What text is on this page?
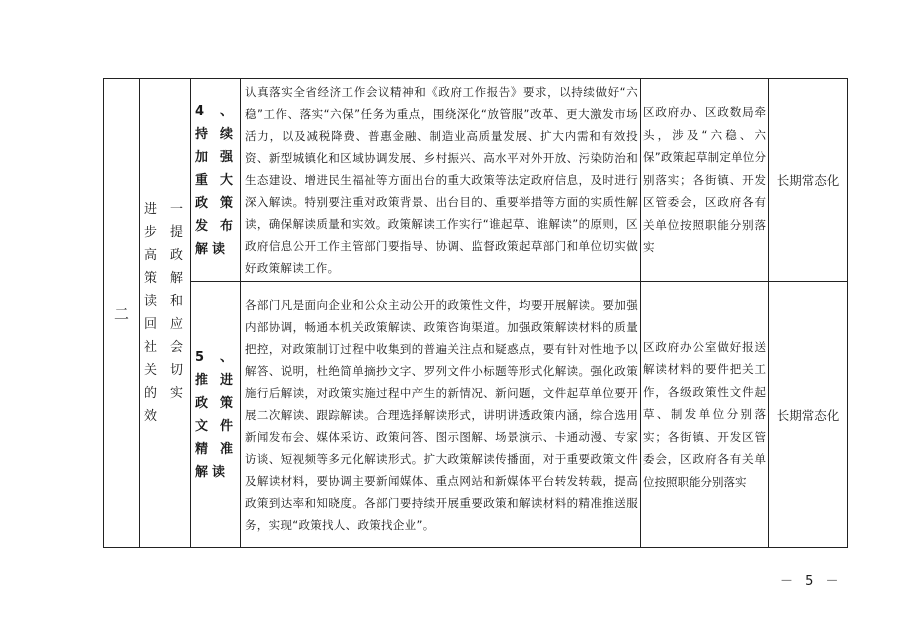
二	进一步提高政策解读和回应社会关切的实效	4、持续加强重大政策发布解读	认真落实全省经济工作会议精神和《政府工作报告》要求，以持续做好“六稳”工作、落实“六保”任务为重点，围绕深化“放管服”改革、更大激发市场活力，以及减税降费、普惠金融、制造业高质量发展、扩大内需和有效投资、新型城镇化和区域协调发展、乡村振兴、高水平对外开放、污染防治和生态建设、增进民生福祉等方面出台的重大政策等法定政府信息，及时进行深入解读。特别要注重对政策背景、出台目的、重要举措等方面的实质性解读，确保解读质量和实效。政策解读工作实行“谁起草、谁解读”的原则，区政府信息公开工作主管部门要指导、协调、监督政策起草部门和单位切实做好政策解读工作。	区政府办、区政数局牵头，涉及“六稳、六保”政策起草制定单位分别落实；各街镇、开发区管委会，区政府各有关单位按照职能分别落实	长期常态化

		5、推进政策文件精准解读	各部门凡是面向企业和公众主动公开的政策性文件，均要开展解读。要加强内部协调，畅通本机关政策解读、政策咨询渠道。加强政策解读材料的质量把控，对政策制订过程中收集到的普遍关注点和疑惑点，要有针对性地予以解答、说明，杜绝简单摘抄文字、罗列文件小标题等形式化解读。强化政策施行后解读，对政策实施过程中产生的新情况、新问题，文件起草单位要开展二次解读、跟踪解读。合理选择解读形式，讲明讲透政策内涵，综合选用新闻发布会、媒体采访、政策问答、图示图解、场景演示、卡通动漫、专家访谈、短视频等多元化解读形式。扩大政策解读传播面，对于重要政策文件及解读材料，要协调主要新闻媒体、重点网站和新媒体平台转发转载，提高政策到达率和知晓度。各部门要持续开展重要政策和解读材料的精准推送服务，实现“政策找人、政策找企业”。	区政府办公室做好报送解读材料的要件把关工作，各级政策性文件起草、制发单位分别落实；各街镇、开发区管委会，区政府各有关单位按照职能分别落实	长期常态化
－ 5 －
